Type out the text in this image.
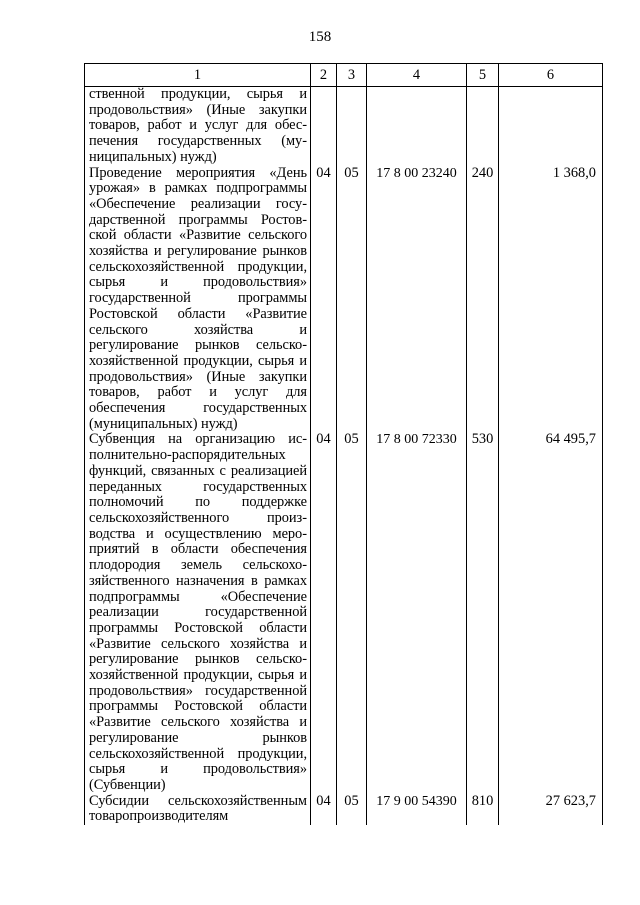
158
1	2	3	4	5	6
ственной продукции, сырья и продовольствия» (Иные закупки товаров, работ и услуг для обеспечения государственных (муниципальных) нужд)					
Проведение мероприятия «День урожая» в рамках подпрограммы «Обеспечение реализации государственной программы Ростовской области «Развитие сельского хозяйства и регулирование рынков сельскохозяйственной продукции, сырья и продовольствия» государственной программы Ростовской области «Развитие сельского хозяйства и регулирование рынков сельскохозяйственной продукции, сырья и продовольствия» (Иные закупки товаров, работ и услуг для обеспечения государственных (муниципальных) нужд)	04	05	17 8 00 23240	240	1 368,0
Субвенция на организацию исполнительно-распорядительных функций, связанных с реализацией переданных государственных полномочий по поддержке сельскохозяйственного производства и осуществлению мероприятий в области обеспечения плодородия земель сельскохозяйственного назначения в рамках подпрограммы «Обеспечение реализации государственной программы Ростовской области «Развитие сельского хозяйства и регулирование рынков сельскохозяйственной продукции, сырья и продовольствия» государственной программы Ростовской области «Развитие сельского хозяйства и регулирование рынков сельскохозяйственной продукции, сырья и продовольствия» (Субвенции)	04	05	17 8 00 72330	530	64 495,7
Субсидии сельскохозяйственным товаропроизводителям	04	05	17 9 00 54390	810	27 623,7
